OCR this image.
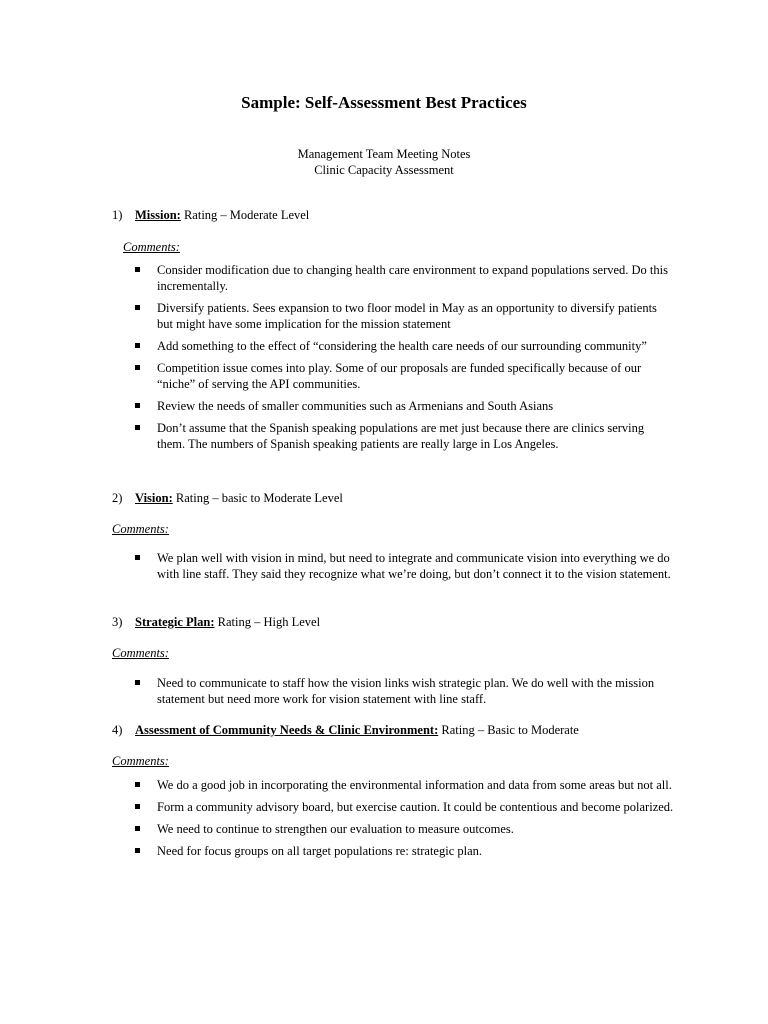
Sample: Self-Assessment Best Practices
Management Team Meeting Notes
Clinic Capacity Assessment
1) Mission: Rating – Moderate Level
Comments:
Consider modification due to changing health care environment to expand populations served. Do this incrementally.
Diversify patients. Sees expansion to two floor model in May as an opportunity to diversify patients but might have some implication for the mission statement
Add something to the effect of “considering the health care needs of our surrounding community”
Competition issue comes into play. Some of our proposals are funded specifically because of our “niche” of serving the API communities.
Review the needs of smaller communities such as Armenians and South Asians
Don’t assume that the Spanish speaking populations are met just because there are clinics serving them. The numbers of Spanish speaking patients are really large in Los Angeles.
2) Vision: Rating – basic to Moderate Level
Comments:
We plan well with vision in mind, but need to integrate and communicate vision into everything we do with line staff. They said they recognize what we’re doing, but don’t connect it to the vision statement.
3) Strategic Plan: Rating – High Level
Comments:
Need to communicate to staff how the vision links wish strategic plan. We do well with the mission statement but need more work for vision statement with line staff.
4) Assessment of Community Needs & Clinic Environment: Rating – Basic to Moderate
Comments:
We do a good job in incorporating the environmental information and data from some areas but not all.
Form a community advisory board, but exercise caution. It could be contentious and become polarized.
We need to continue to strengthen our evaluation to measure outcomes.
Need for focus groups on all target populations re: strategic plan.
